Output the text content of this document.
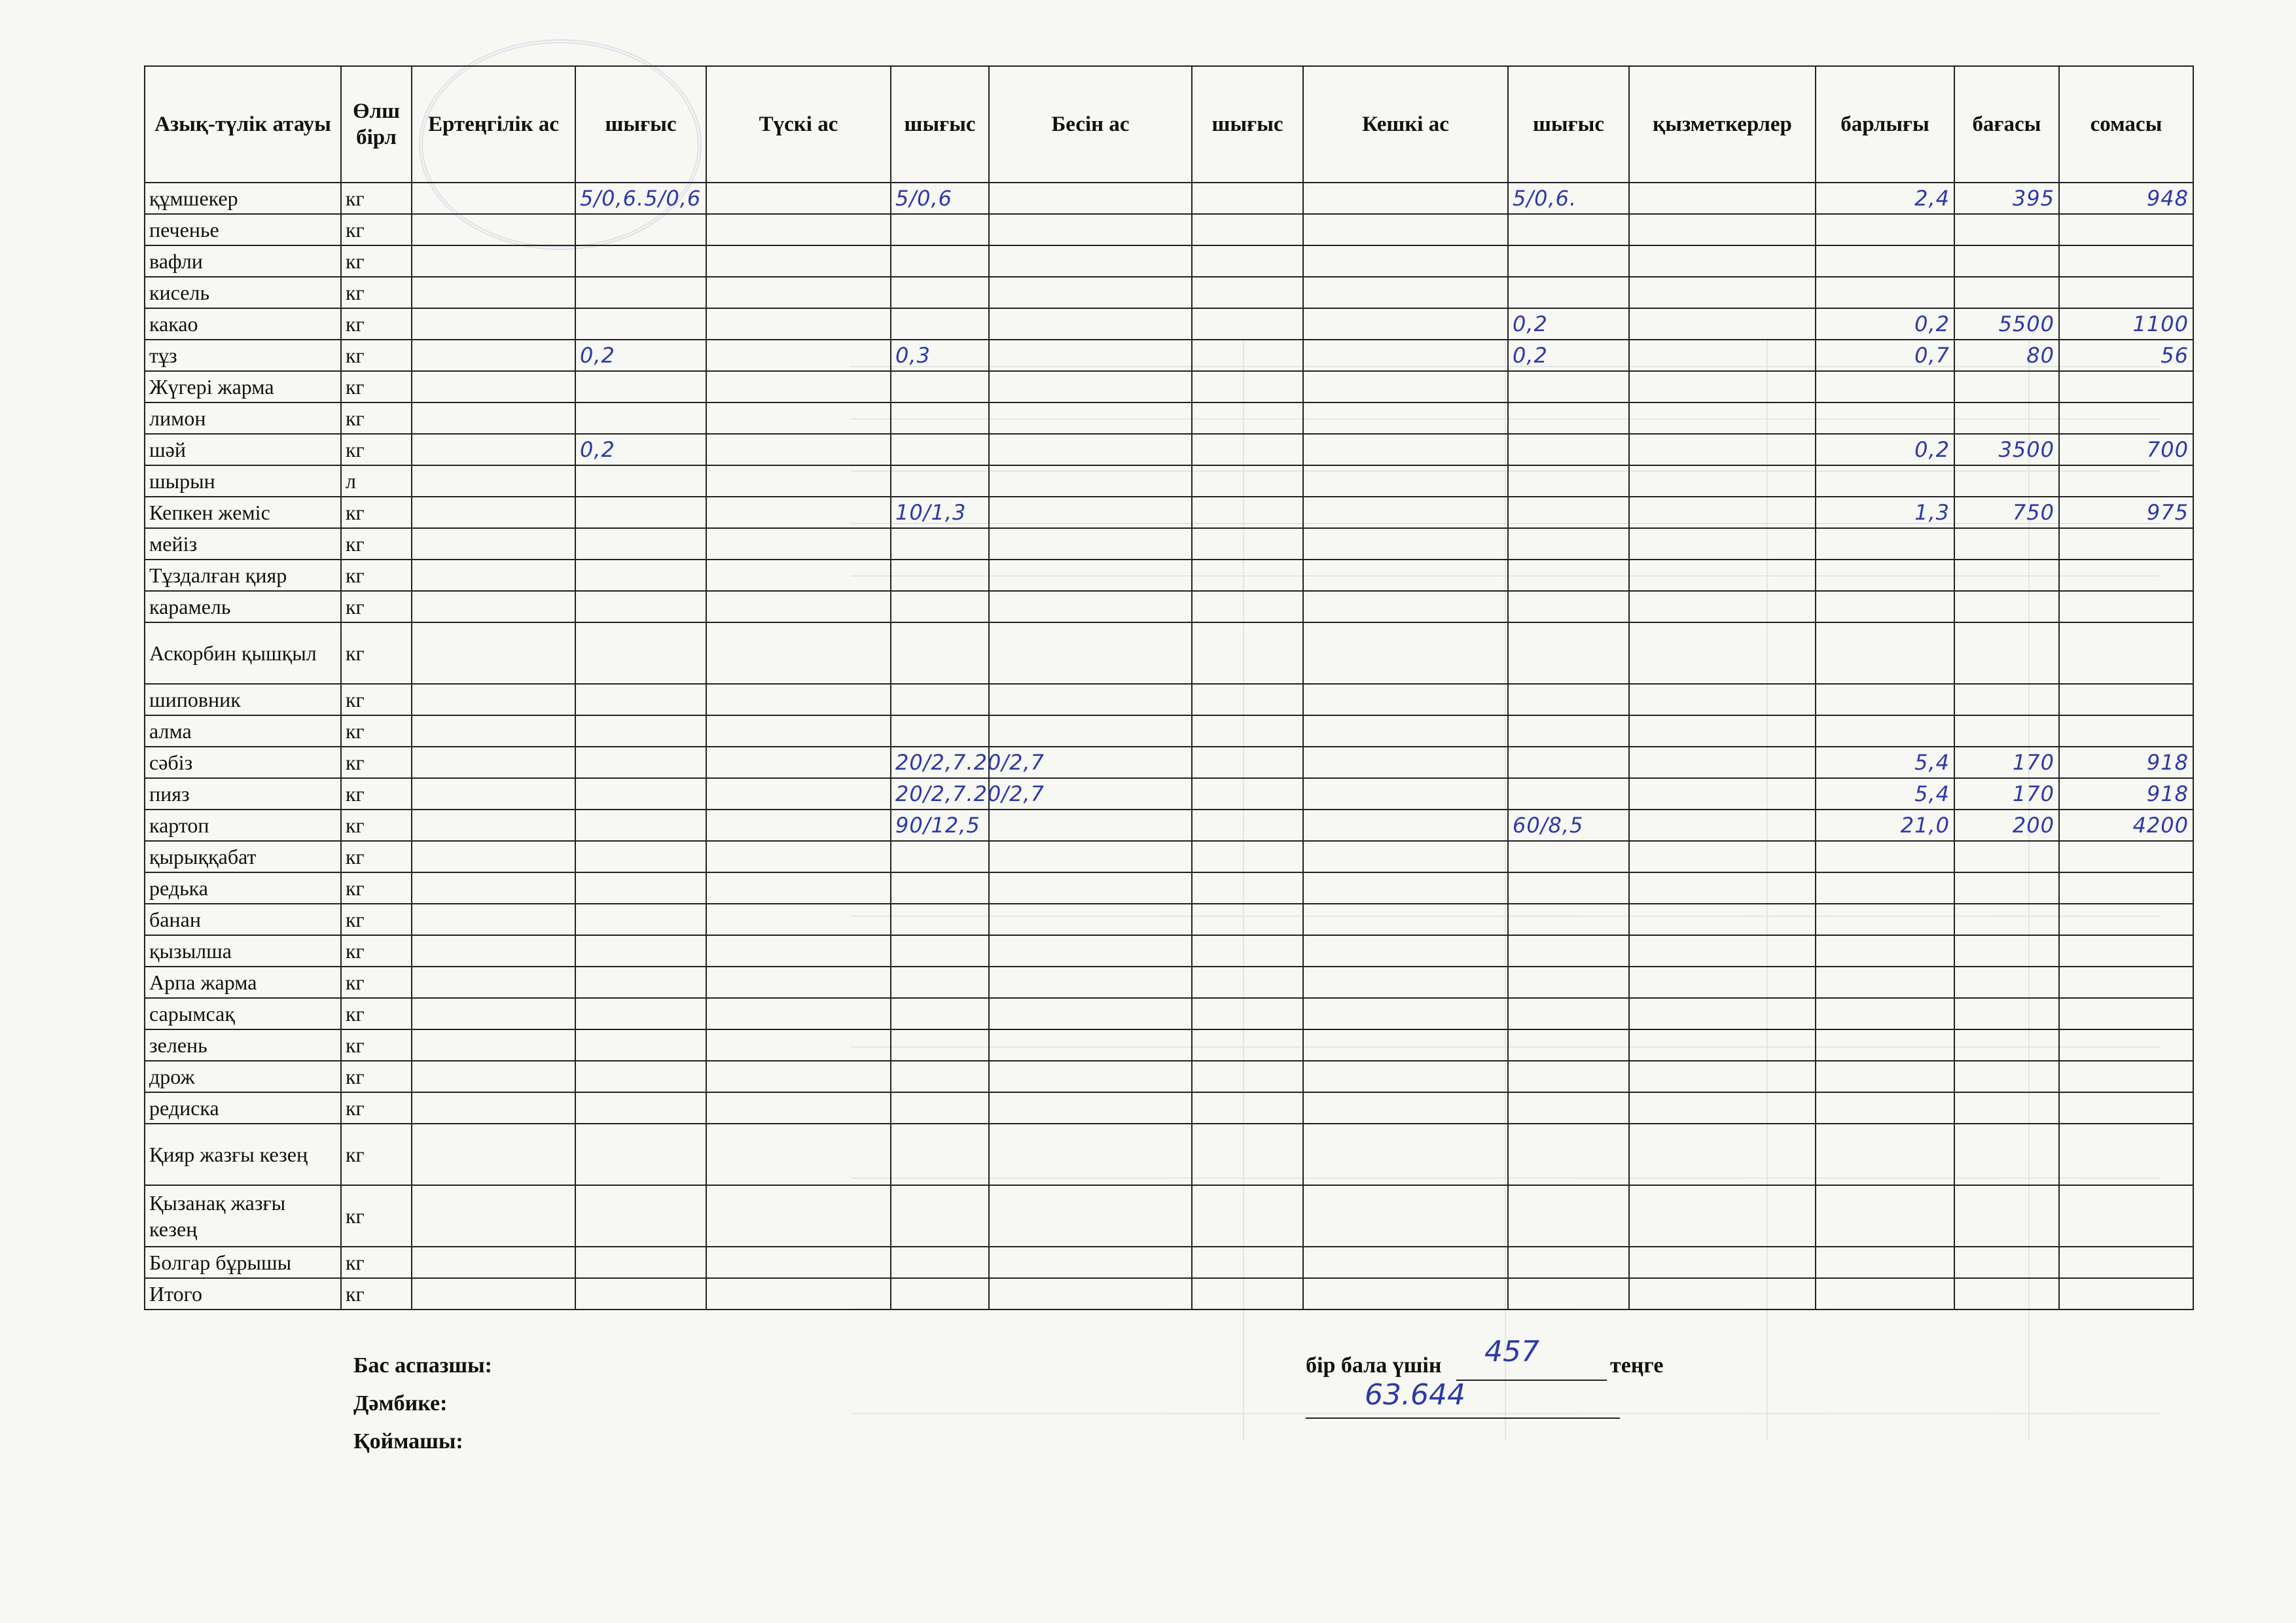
Азық-түлік атауы	Өлш бірл	Ертеңгілік ас	шығыс	Түскі ас	шығыс	Бесін ас	шығыс	Кешкі ас	шығыс	қызметкерлер	барлығы	бағасы	сомасы
құмшекер	кг		5/0,6.5/0,6		5/0,6				5/0,6.		2,4	395	948
печенье	кг												
вафли	кг												
кисель	кг												
какао	кг								0,2		0,2	5500	1100
тұз	кг		0,2		0,3				0,2		0,7	80	56
Жүгері жарма	кг												
лимон	кг												
шәй	кг		0,2								0,2	3500	700
шырын	л												
Кепкен жеміс	кг				10/1,3						1,3	750	975
мейіз	кг												
Тұздалған қияр	кг												
карамель	кг												
Аскорбин қышқыл	кг												
шиповник	кг												
алма	кг												
сәбіз	кг				20/2,7.20/2,7						5,4	170	918
пияз	кг				20/2,7.20/2,7						5,4	170	918
картоп	кг				90/12,5				60/8,5		21,0	200	4200
қырыққабат	кг												
редька	кг												
банан	кг												
қызылша	кг												
Арпа жарма	кг												
сарымсақ	кг												
зелень	кг												
дрож	кг												
редиска	кг												
Қияр жазғы кезең	кг												
Қызанақ жазғы кезең	кг												
Болгар бұрышы	кг												
Итого	кг												
Бас аспазшы:
Дәмбике:
Қоймашы:
бір бала үшін 457	теңге
63.644
